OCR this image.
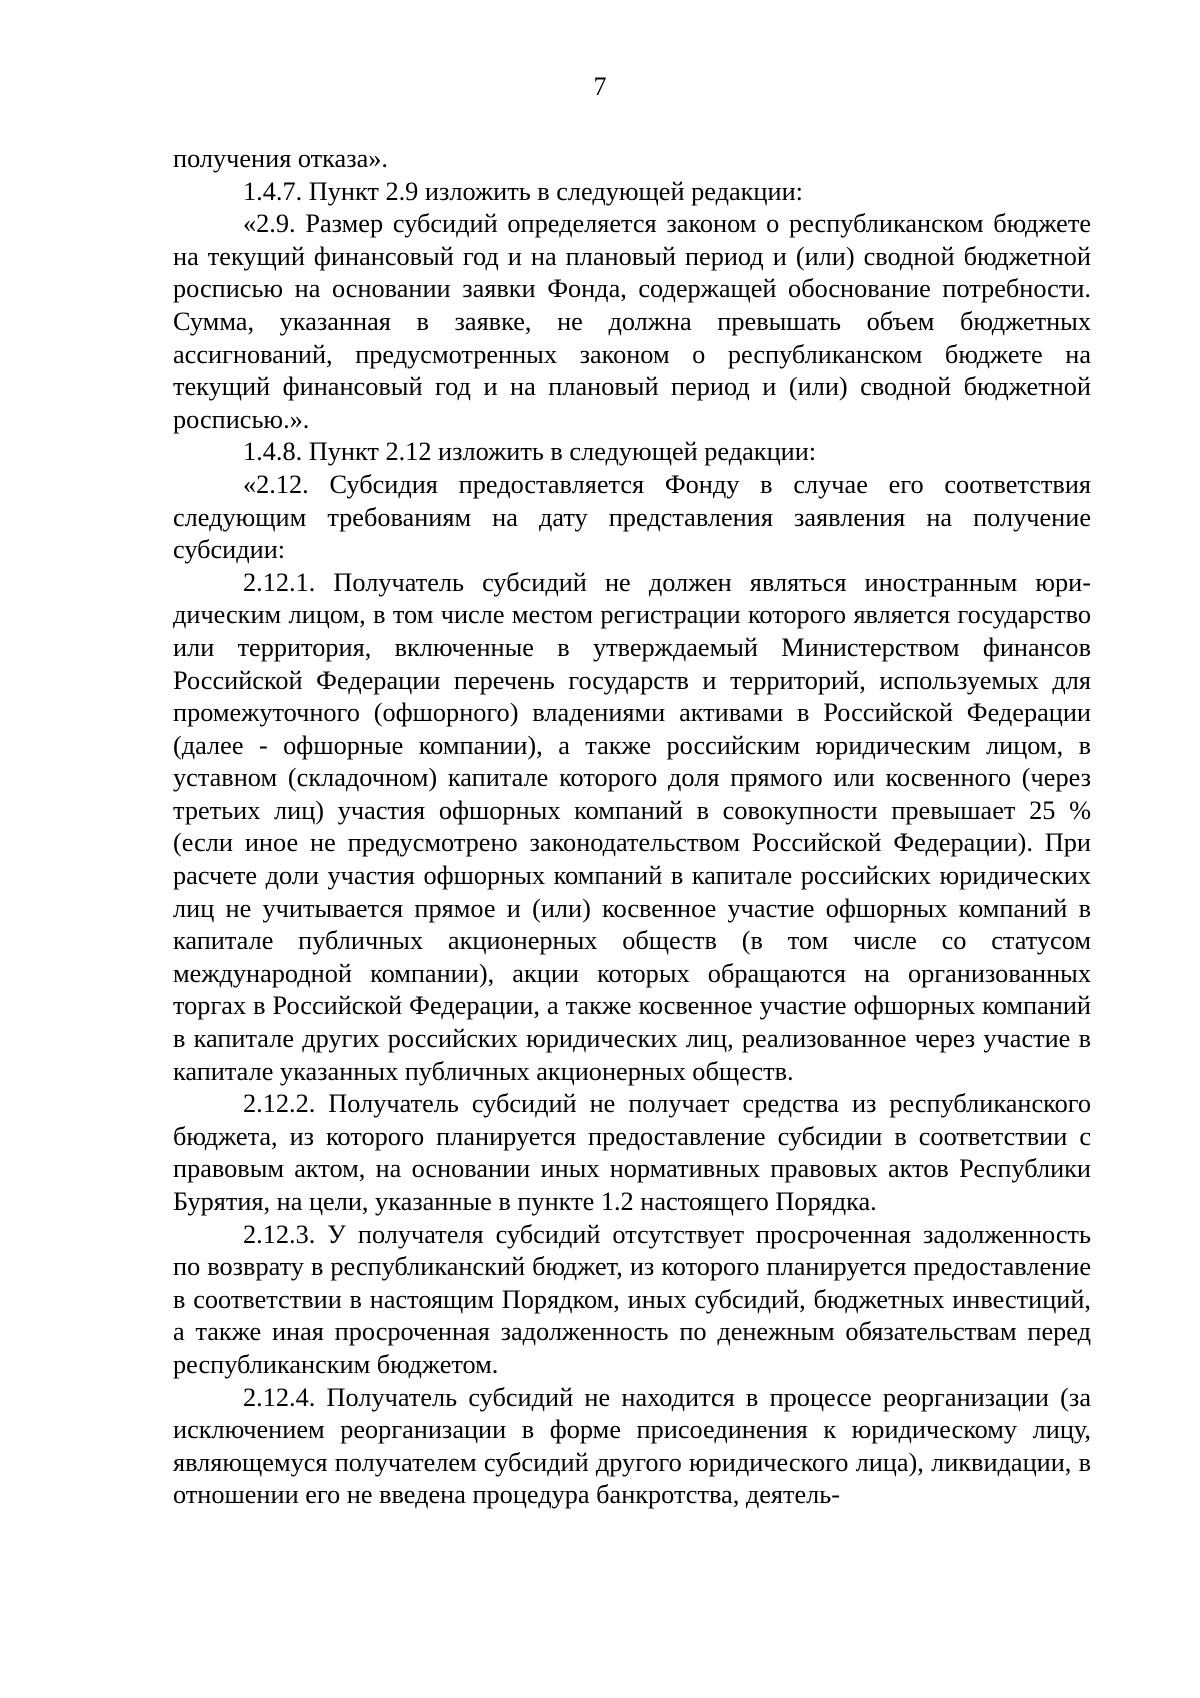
7

получения отказа».

1.4.7. Пункт 2.9 изложить в следующей редакции:

«2.9. Размер субсидий определяется законом о республиканском бюджете на текущий финансовый год и на плановый период и (или) сводной бюджетной росписью на основании заявки Фонда, содержащей обоснование потребности. Сумма, указанная в заявке, не должна превышать объем бюджетных ассигнований, предусмотренных законом о республиканском бюджете на текущий финансовый год и на плановый период и (или) сводной бюджетной росписью.».

1.4.8. Пункт 2.12 изложить в следующей редакции:

«2.12. Субсидия предоставляется Фонду в случае его соответствия следующим требованиям на дату представления заявления на получение субсидии:

2.12.1. Получатель субсидий не должен являться иностранным юридическим лицом, в том числе местом регистрации которого является государство или территория, включенные в утверждаемый Министерством финансов Российской Федерации перечень государств и территорий, используемых для промежуточного (офшорного) владениями активами в Российской Федерации (далее - офшорные компании), а также российским юридическим лицом, в уставном (складочном) капитале которого доля прямого или косвенного (через третьих лиц) участия офшорных компаний в совокупности превышает 25 % (если иное не предусмотрено законодательством Российской Федерации). При расчете доли участия офшорных компаний в капитале российских юридических лиц не учитывается прямое и (или) косвенное участие офшорных компаний в капитале публичных акционерных обществ (в том числе со статусом международной компании), акции которых обращаются на организованных торгах в Российской Федерации, а также косвенное участие офшорных компаний в капитале других российских юридических лиц, реализованное через участие в капитале указанных публичных акционерных обществ.

2.12.2. Получатель субсидий не получает средства из республиканского бюджета, из которого планируется предоставление субсидии в соответствии с правовым актом, на основании иных нормативных правовых актов Республики Бурятия, на цели, указанные в пункте 1.2 настоящего Порядка.

2.12.3. У получателя субсидий отсутствует просроченная задолженность по возврату в республиканский бюджет, из которого планируется предоставление в соответствии в настоящим Порядком, иных субсидий, бюджетных инвестиций, а также иная просроченная задолженность по денежным обязательствам перед республиканским бюджетом.

2.12.4. Получатель субсидий не находится в процессе реорганизации (за исключением реорганизации в форме присоединения к юридическому лицу, являющемуся получателем субсидий другого юридического лица), ликвидации, в отношении его не введена процедура банкротства, деятель-
